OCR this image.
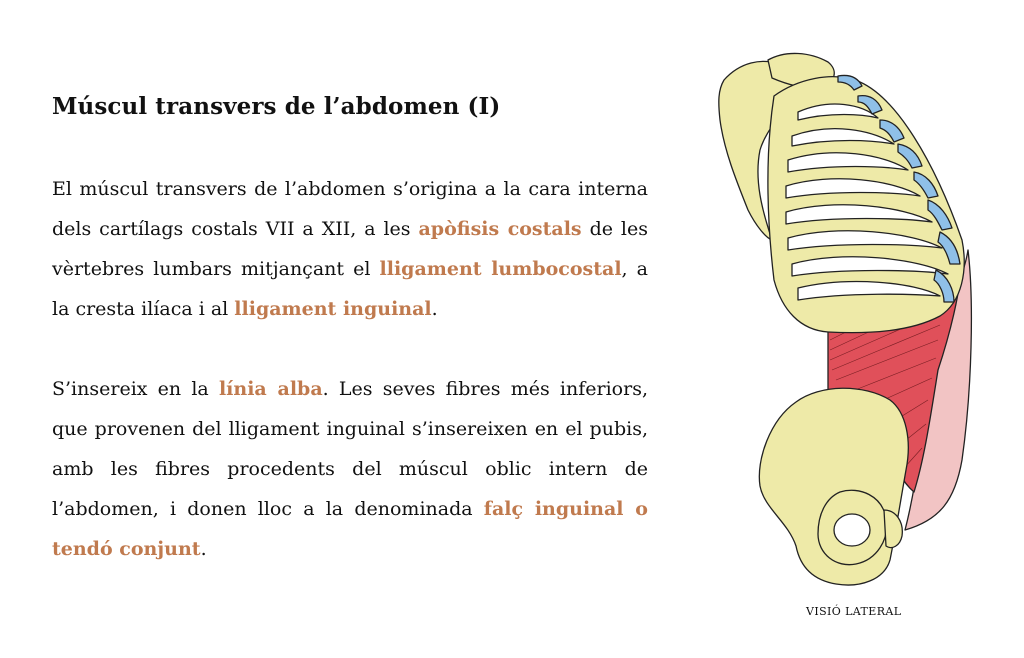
Múscul transvers de l’abdomen (I)

El múscul transvers de l’abdomen s’origina a la cara interna dels cartílags costals VII a XII, a les apòfisis costals de les vèrtebres lumbars mitjançant el lligament lumbocostal, a la cresta ilíaca i al lligament inguinal.

S’insereix en la línia alba. Les seves fibres més inferiors, que provenen del lligament inguinal s’insereixen en el pubis, amb les fibres procedents del múscul oblic intern de l’abdomen, i donen lloc a la denominada falç inguinal o tendó conjunt.

VISIÓ LATERAL
